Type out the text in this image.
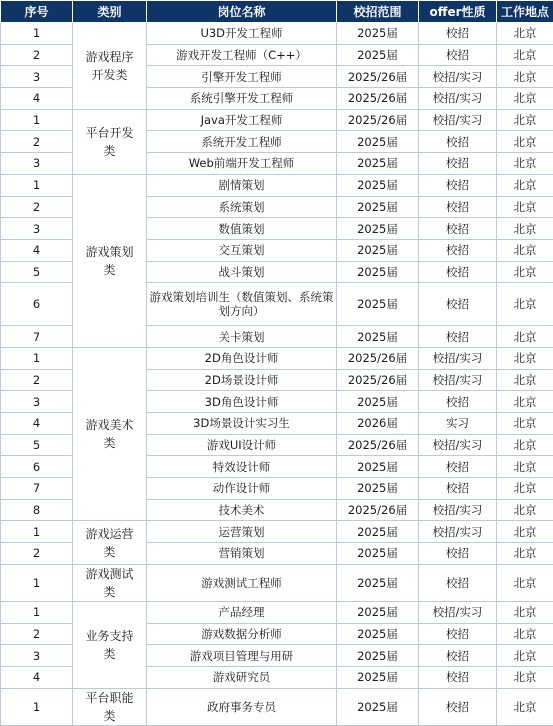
序号	类别	岗位名称	校招范围	offer性质	工作地点
1	游戏程序开发类	U3D开发工程师	2025届	校招	北京
2		游戏开发工程师（C++）	2025届	校招	北京
3		引擎开发工程师	2025/26届	校招/实习	北京
4		系统引擎开发工程师	2025/26届	校招/实习	北京
1	平台开发类	Java开发工程师	2025/26届	校招/实习	北京
2		系统开发工程师	2025届	校招	北京
3		Web前端开发工程师	2025届	校招	北京
1	游戏策划类	剧情策划	2025届	校招	北京
2		系统策划	2025届	校招	北京
3		数值策划	2025届	校招	北京
4		交互策划	2025届	校招	北京
5		战斗策划	2025届	校招	北京
6		游戏策划培训生（数值策划、系统策划方向）	2025届	校招	北京
7		关卡策划	2025届	校招	北京
1	游戏美术类	2D角色设计师	2025/26届	校招/实习	北京
2		2D场景设计师	2025/26届	校招/实习	北京
3		3D角色设计师	2025届	校招	北京
4		3D场景设计实习生	2026届	实习	北京
5		游戏UI设计师	2025/26届	校招/实习	北京
6		特效设计师	2025届	校招	北京
7		动作设计师	2025届	校招	北京
8		技术美术	2025/26届	校招/实习	北京
1	游戏运营类	运营策划	2025届	校招/实习	北京
2		营销策划	2025届	校招	北京
1	游戏测试类	游戏测试工程师	2025届	校招	北京
1	业务支持类	产品经理	2025届	校招/实习	北京
2		游戏数据分析师	2025届	校招	北京
3		游戏项目管理与用研	2025届	校招	北京
4		游戏研究员	2025届	校招	北京
1	平台职能类	政府事务专员	2025届	校招	北京
